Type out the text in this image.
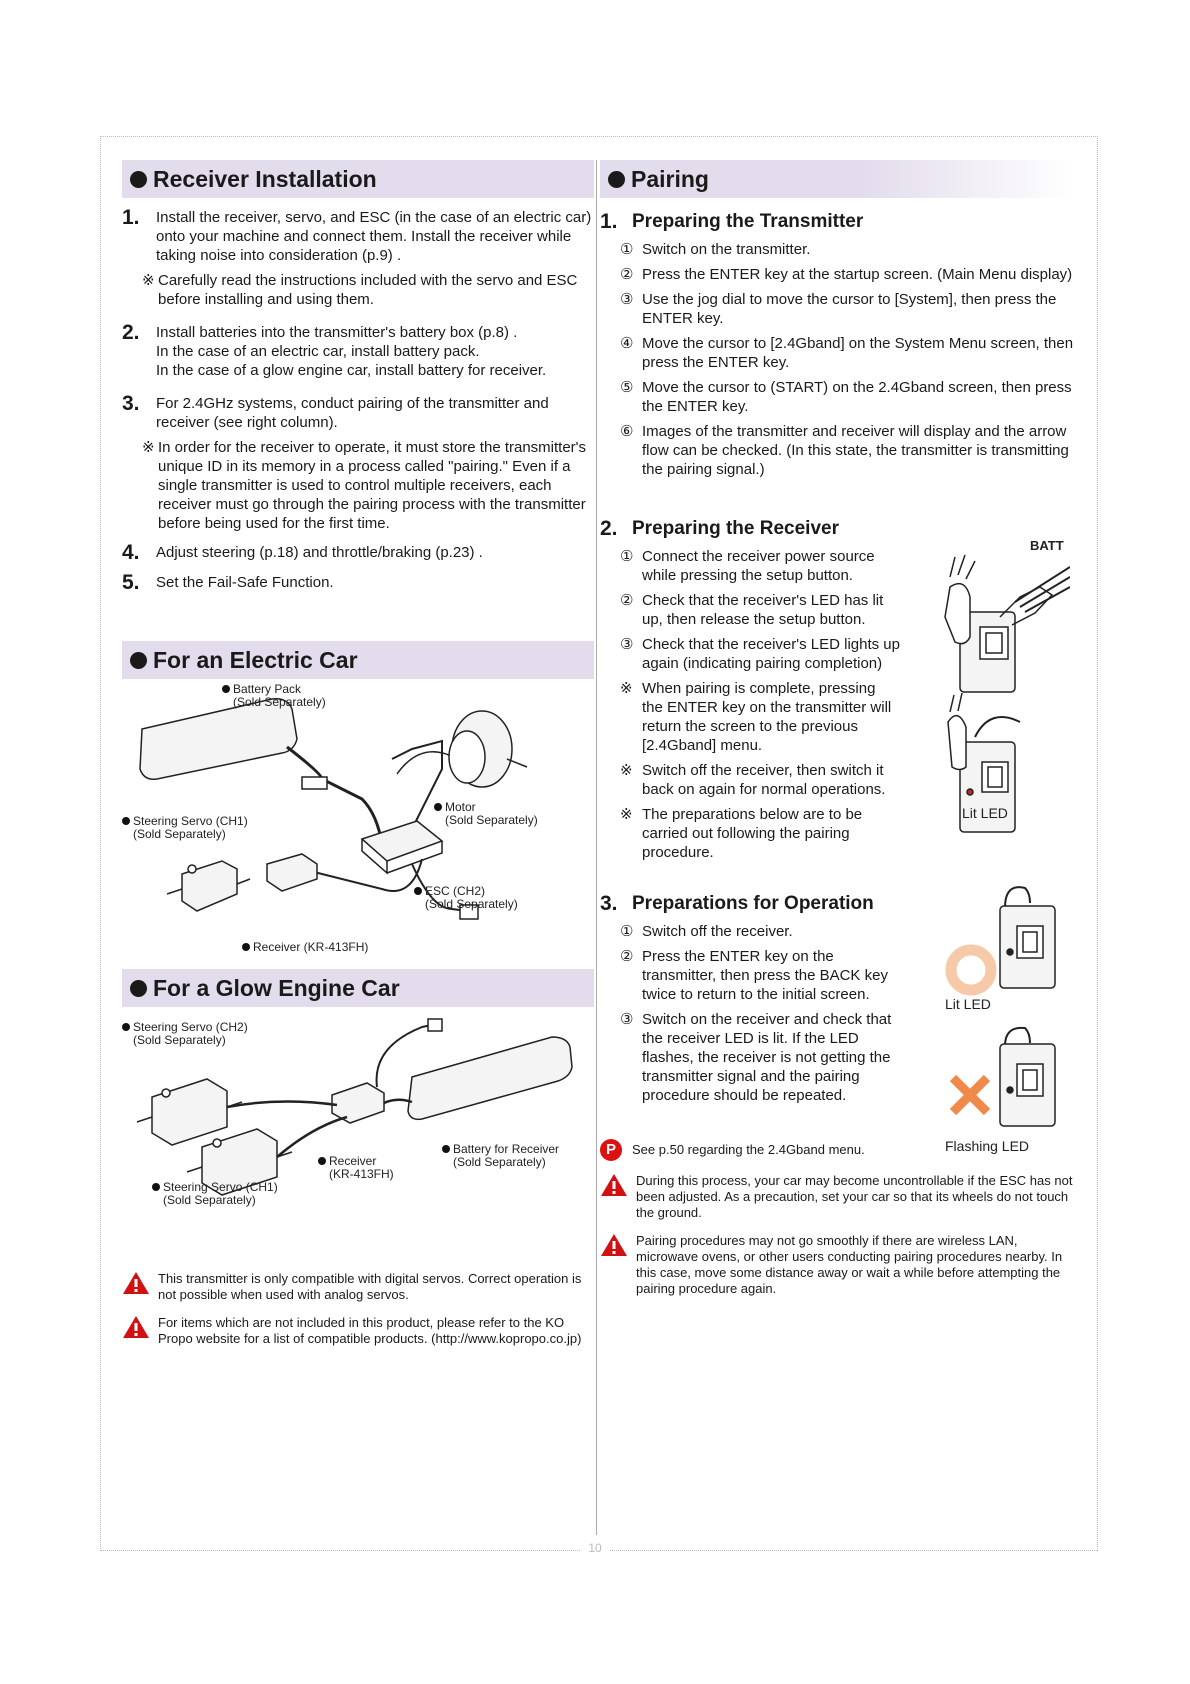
10
Receiver Installation
1.	Install the receiver, servo, and ESC (in the case of an electric car) onto your machine and connect them. Install the receiver while taking noise into consideration (p.9) .
※ Carefully read the instructions included with the servo and ESC before installing and using them.
2.	Install batteries into the transmitter's battery box (p.8) .
In the case of an electric car, install battery pack.
In the case of a glow engine car, install battery for receiver.
3.	For 2.4GHz systems, conduct pairing of the transmitter and receiver (see right column).
※ In order for the receiver to operate, it must store the transmitter's unique ID in its memory in a process called "pairing." Even if a single transmitter is used to control multiple receivers, each receiver must go through the pairing process with the transmitter before being used for the first time.
4.	Adjust steering (p.18) and throttle/braking (p.23) .
5.	Set the Fail-Safe Function.
For an Electric Car
Battery Pack
(Sold Separately)
Motor
(Sold Separately)
Steering Servo (CH1)
(Sold Separately)
ESC (CH2)
(Sold Separately)
Receiver (KR-413FH)
For a Glow Engine Car
Steering Servo (CH2)
(Sold Separately)
Battery for Receiver
(Sold Separately)
Receiver
(KR-413FH)
Steering Servo (CH1)
(Sold Separately)
This transmitter is only compatible with digital servos. Correct operation is not possible when used with analog servos.
For items which are not included in this product, please refer to the KO Propo website for a list of compatible products. (http://www.kopropo.co.jp)
Pairing
1. Preparing the Transmitter
① Switch on the transmitter.
② Press the ENTER key at the startup screen. (Main Menu display)
③ Use the jog dial to move the cursor to [System], then press the ENTER key.
④ Move the cursor to [2.4Gband] on the System Menu screen, then press the ENTER key.
⑤ Move the cursor to (START) on the 2.4Gband screen, then press the ENTER key.
⑥ Images of the transmitter and receiver will display and the arrow flow can be checked. (In this state, the transmitter is transmitting the pairing signal.)
2. Preparing the Receiver
① Connect the receiver power source while pressing the setup button.
② Check that the receiver's LED has lit up, then release the setup button.
③ Check that the receiver's LED lights up again (indicating pairing completion)
※ When pairing is complete, pressing the ENTER key on the transmitter will return the screen to the previous [2.4Gband] menu.
※ Switch off the receiver, then switch it back on again for normal operations.
※ The preparations below are to be carried out following the pairing procedure.
BATT
Lit LED
3. Preparations for Operation
① Switch off the receiver.
② Press the ENTER key on the transmitter, then press the BACK key twice to return to the initial screen.
③ Switch on the receiver and check that the receiver LED is lit. If the LED flashes, the receiver is not getting the transmitter signal and the pairing procedure should be repeated.
Lit LED
Flashing LED
P	See p.50 regarding the 2.4Gband menu.
During this process, your car may become uncontrollable if the ESC has not been adjusted. As a precaution, set your car so that its wheels do not touch the ground.
Pairing procedures may not go smoothly if there are wireless LAN, microwave ovens, or other users conducting pairing procedures nearby. In this case, move some distance away or wait a while before attempting the pairing procedure again.
